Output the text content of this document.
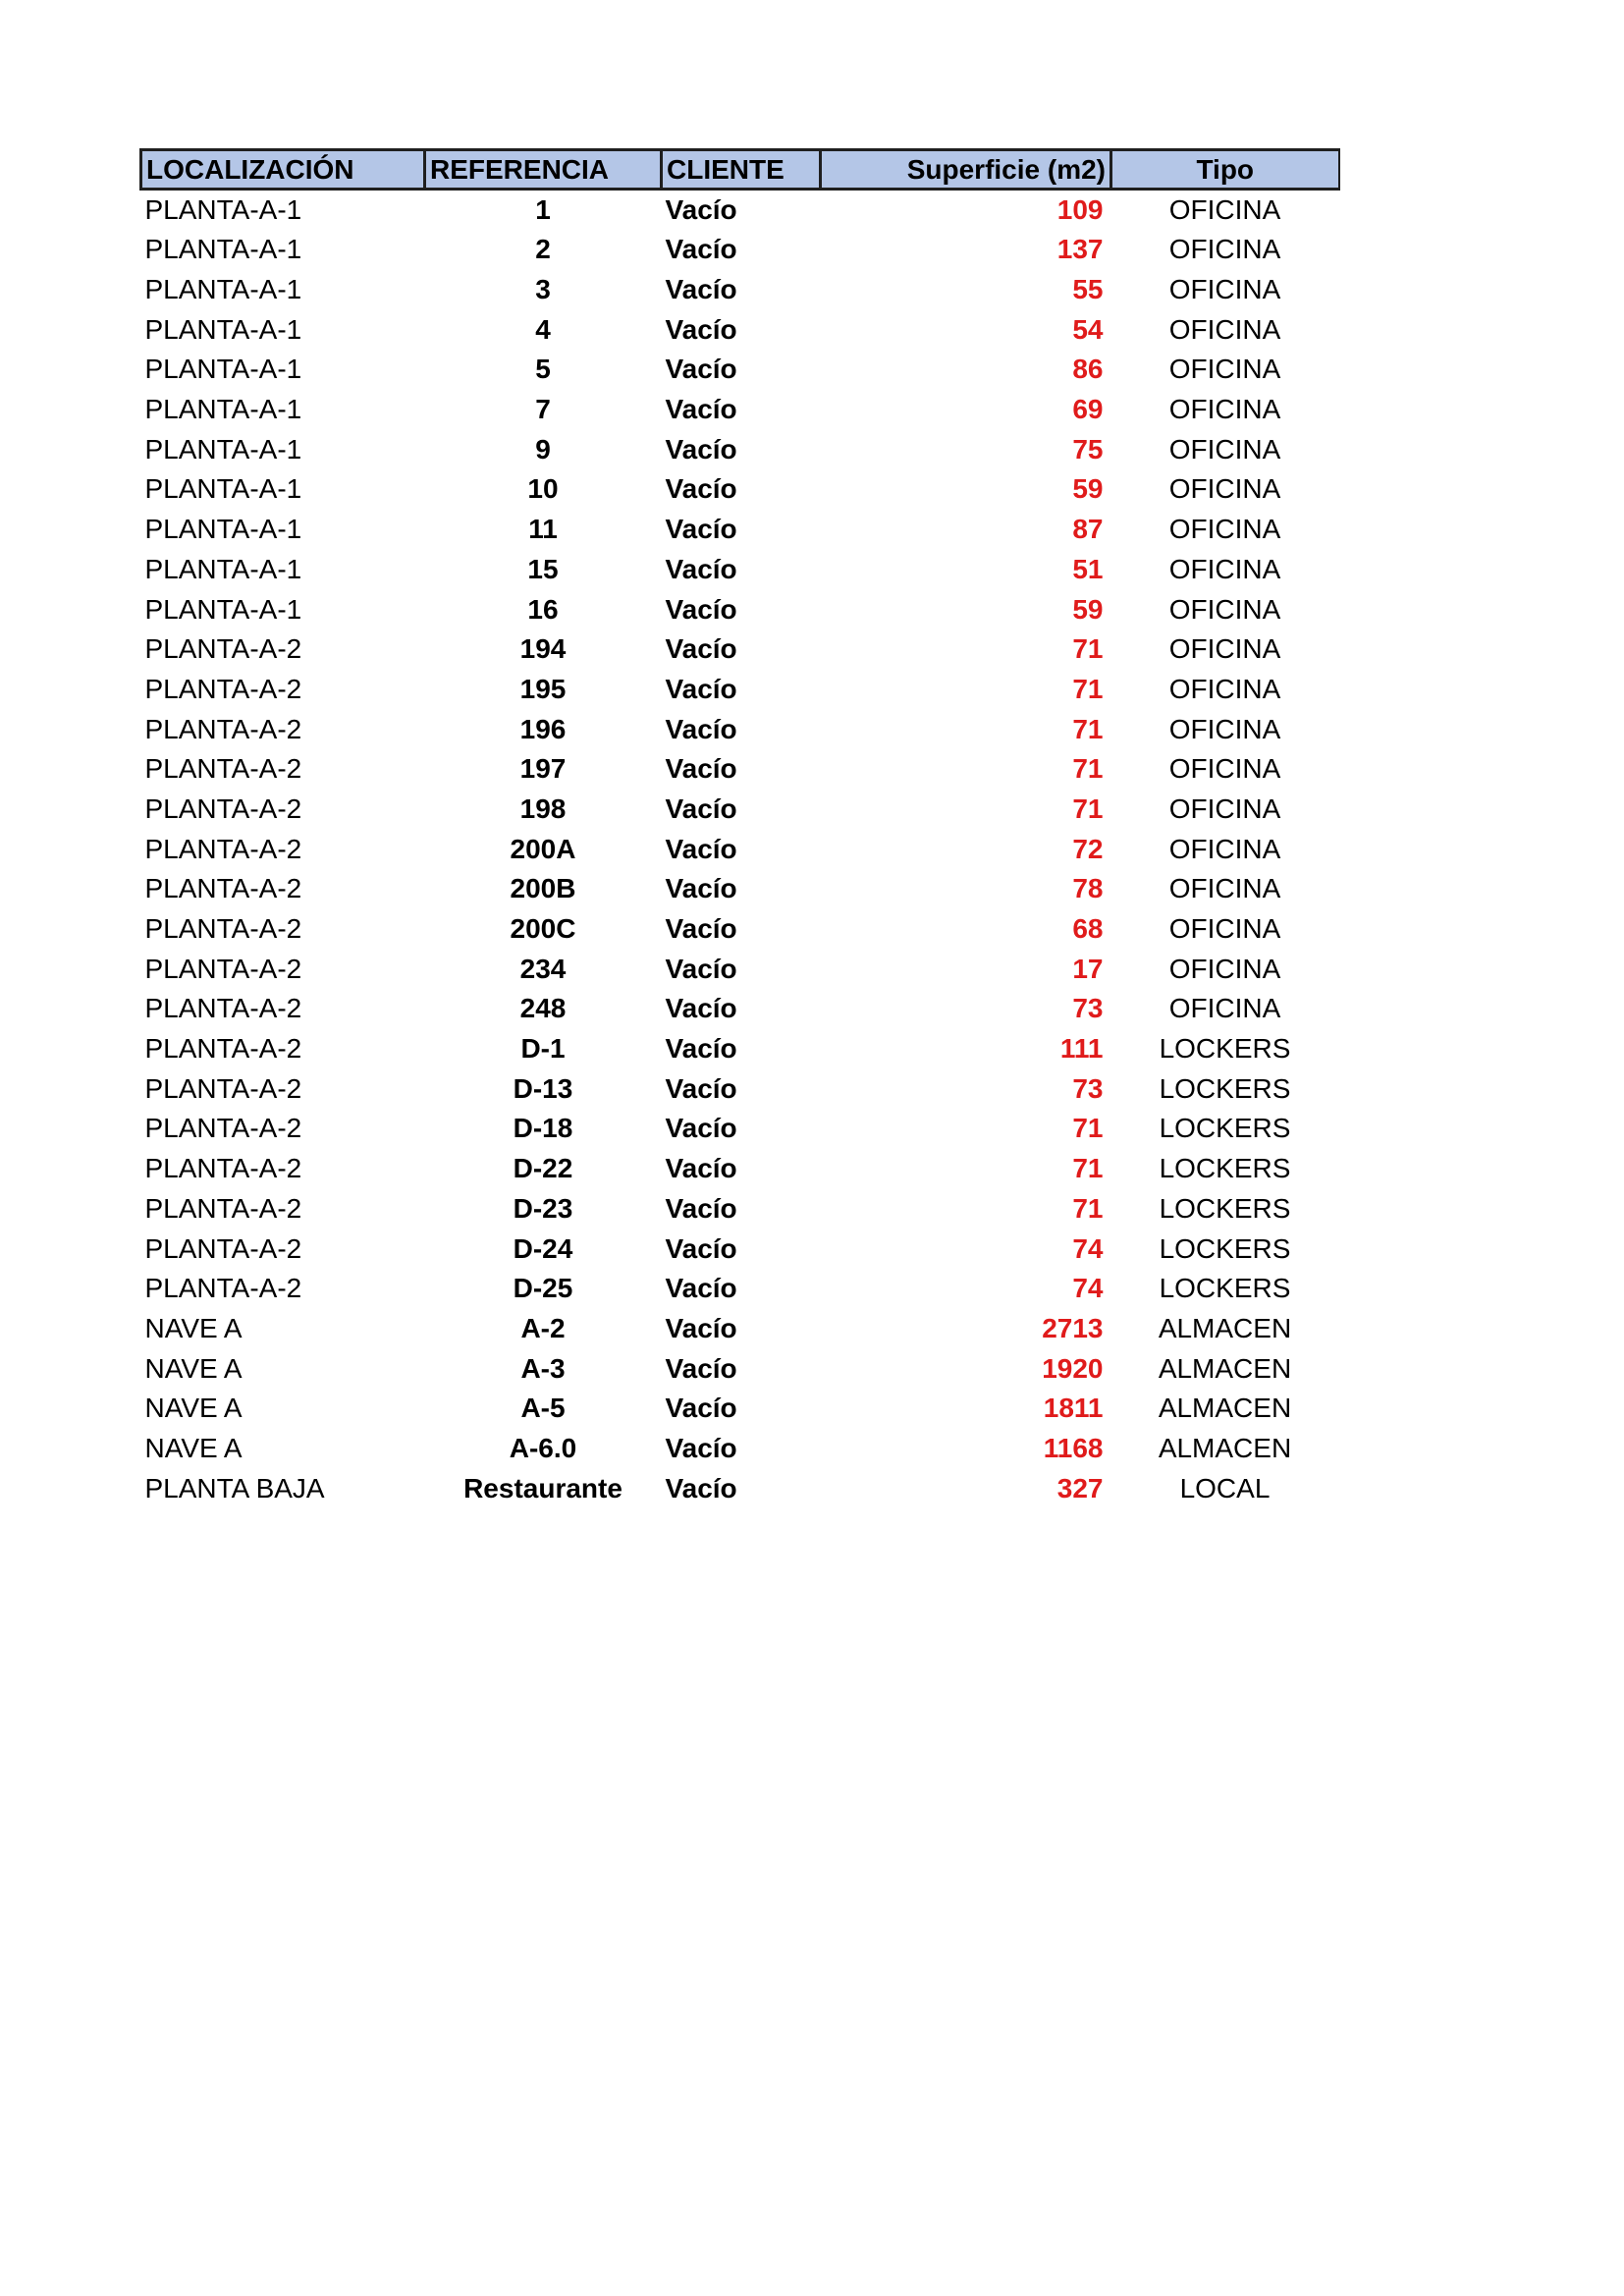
LOCALIZACIÓN	REFERENCIA	CLIENTE	Superficie (m2)	Tipo
PLANTA-A-1	1	Vacío	109	OFICINA
PLANTA-A-1	2	Vacío	137	OFICINA
PLANTA-A-1	3	Vacío	55	OFICINA
PLANTA-A-1	4	Vacío	54	OFICINA
PLANTA-A-1	5	Vacío	86	OFICINA
PLANTA-A-1	7	Vacío	69	OFICINA
PLANTA-A-1	9	Vacío	75	OFICINA
PLANTA-A-1	10	Vacío	59	OFICINA
PLANTA-A-1	11	Vacío	87	OFICINA
PLANTA-A-1	15	Vacío	51	OFICINA
PLANTA-A-1	16	Vacío	59	OFICINA
PLANTA-A-2	194	Vacío	71	OFICINA
PLANTA-A-2	195	Vacío	71	OFICINA
PLANTA-A-2	196	Vacío	71	OFICINA
PLANTA-A-2	197	Vacío	71	OFICINA
PLANTA-A-2	198	Vacío	71	OFICINA
PLANTA-A-2	200A	Vacío	72	OFICINA
PLANTA-A-2	200B	Vacío	78	OFICINA
PLANTA-A-2	200C	Vacío	68	OFICINA
PLANTA-A-2	234	Vacío	17	OFICINA
PLANTA-A-2	248	Vacío	73	OFICINA
PLANTA-A-2	D-1	Vacío	111	LOCKERS
PLANTA-A-2	D-13	Vacío	73	LOCKERS
PLANTA-A-2	D-18	Vacío	71	LOCKERS
PLANTA-A-2	D-22	Vacío	71	LOCKERS
PLANTA-A-2	D-23	Vacío	71	LOCKERS
PLANTA-A-2	D-24	Vacío	74	LOCKERS
PLANTA-A-2	D-25	Vacío	74	LOCKERS
NAVE A	A-2	Vacío	2713	ALMACEN
NAVE A	A-3	Vacío	1920	ALMACEN
NAVE A	A-5	Vacío	1811	ALMACEN
NAVE A	A-6.0	Vacío	1168	ALMACEN
PLANTA BAJA	Restaurante	Vacío	327	LOCAL
